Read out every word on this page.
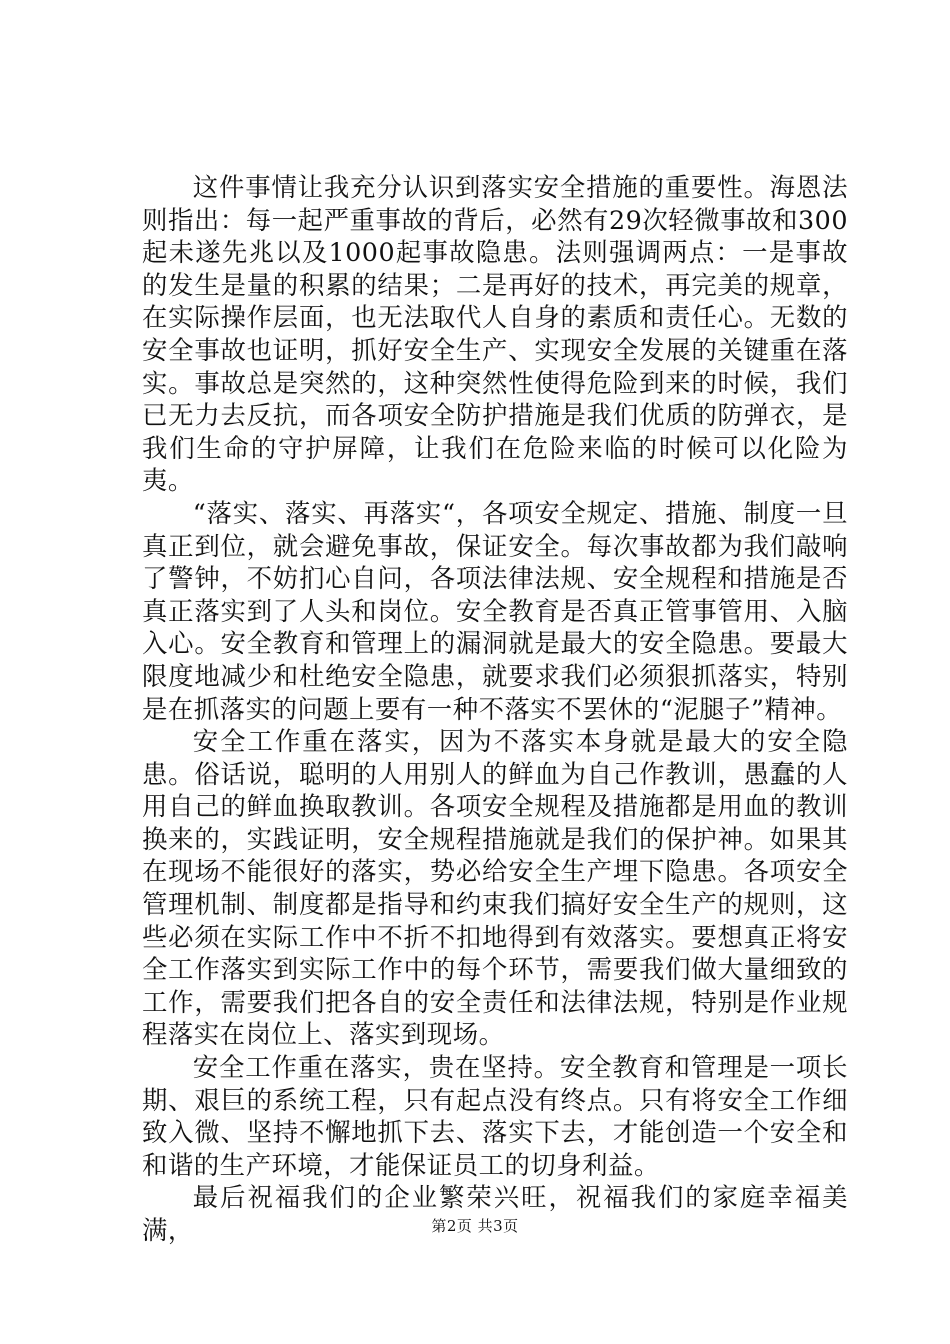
这件事情让我充分认识到落实安全措施的重要性。海恩法则指出：每一起严重事故的背后，必然有29次轻微事故和300起未遂先兆以及1000起事故隐患。法则强调两点：一是事故的发生是量的积累的结果；二是再好的技术，再完美的规章，在实际操作层面，也无法取代人自身的素质和责任心。无数的安全事故也证明，抓好安全生产、实现安全发展的关键重在落实。事故总是突然的，这种突然性使得危险到来的时候，我们已无力去反抗，而各项安全防护措施是我们优质的防弹衣，是我们生命的守护屏障，让我们在危险来临的时候可以化险为夷。

“落实、落实、再落实“，各项安全规定、措施、制度一旦真正到位，就会避免事故，保证安全。每次事故都为我们敲响了警钟，不妨扪心自问，各项法律法规、安全规程和措施是否真正落实到了人头和岗位。安全教育是否真正管事管用、入脑入心。安全教育和管理上的漏洞就是最大的安全隐患。要最大限度地减少和杜绝安全隐患，就要求我们必须狠抓落实，特别是在抓落实的问题上要有一种不落实不罢休的“泥腿子”精神。

安全工作重在落实，因为不落实本身就是最大的安全隐患。俗话说，聪明的人用别人的鲜血为自己作教训，愚蠢的人用自己的鲜血换取教训。各项安全规程及措施都是用血的教训换来的，实践证明，安全规程措施就是我们的保护神。如果其在现场不能很好的落实，势必给安全生产埋下隐患。各项安全管理机制、制度都是指导和约束我们搞好安全生产的规则，这些必须在实际工作中不折不扣地得到有效落实。要想真正将安全工作落实到实际工作中的每个环节，需要我们做大量细致的工作，需要我们把各自的安全责任和法律法规，特别是作业规程落实在岗位上、落实到现场。

安全工作重在落实，贵在坚持。安全教育和管理是一项长期、艰巨的系统工程，只有起点没有终点。只有将安全工作细致入微、坚持不懈地抓下去、落实下去，才能创造一个安全和和谐的生产环境，才能保证员工的切身利益。

最后祝福我们的企业繁荣兴旺，祝福我们的家庭幸福美满，	第2页 共3页
